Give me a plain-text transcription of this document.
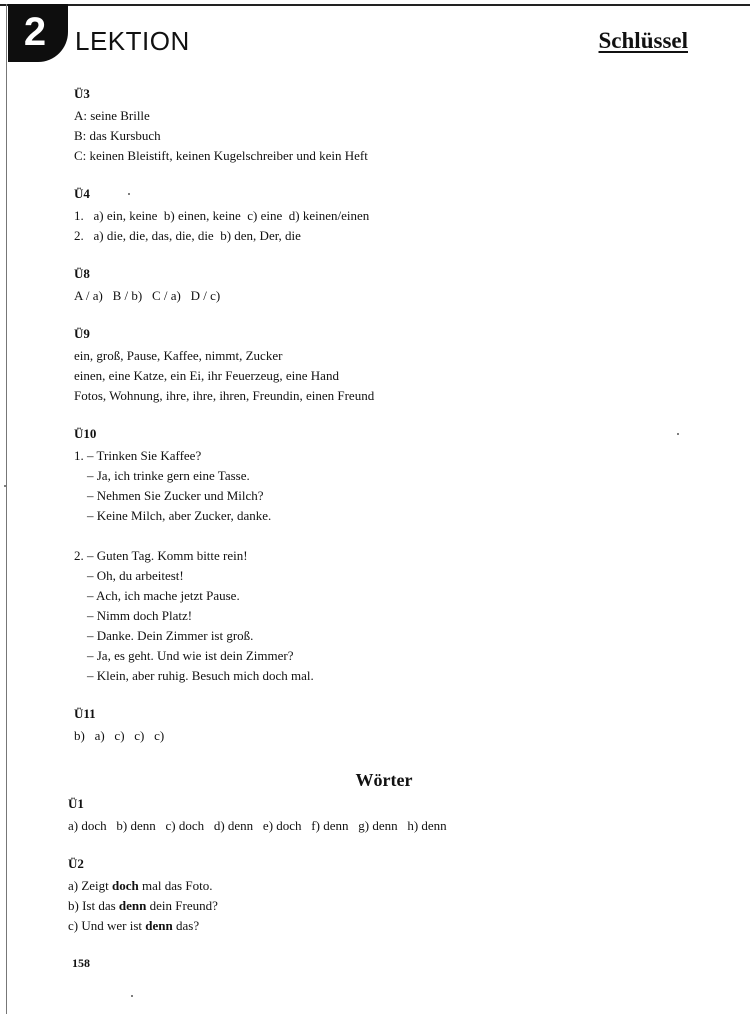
2	LEKTION	Schlüssel
Ü3
A: seine Brille
B: das Kursbuch
C: keinen Bleistift, keinen Kugelschreiber und kein Heft
Ü4
1.   a) ein, keine  b) einen, keine  c) eine  d) keinen/einen
2.   a) die, die, das, die, die  b) den, Der, die
Ü8
A / a)   B / b)   C / a)   D / c)
Ü9
ein, groß, Pause, Kaffee, nimmt, Zucker
einen, eine Katze, ein Ei, ihr Feuerzeug, eine Hand
Fotos, Wohnung, ihre, ihre, ihren, Freundin, einen Freund
Ü10
1. – Trinken Sie Kaffee?
– Ja, ich trinke gern eine Tasse.
– Nehmen Sie Zucker und Milch?
– Keine Milch, aber Zucker, danke.
2. – Guten Tag. Komm bitte rein!
– Oh, du arbeitest!
– Ach, ich mache jetzt Pause.
– Nimm doch Platz!
– Danke. Dein Zimmer ist groß.
– Ja, es geht. Und wie ist dein Zimmer?
– Klein, aber ruhig. Besuch mich doch mal.
Ü11
b)   a)   c)   c)   c)
Wörter
Ü1
a) doch   b) denn   c) doch   d) denn   e) doch   f) denn   g) denn   h) denn
Ü2
a) Zeigt doch mal das Foto.
b) Ist das denn dein Freund?
c) Und wer ist denn das?
158
